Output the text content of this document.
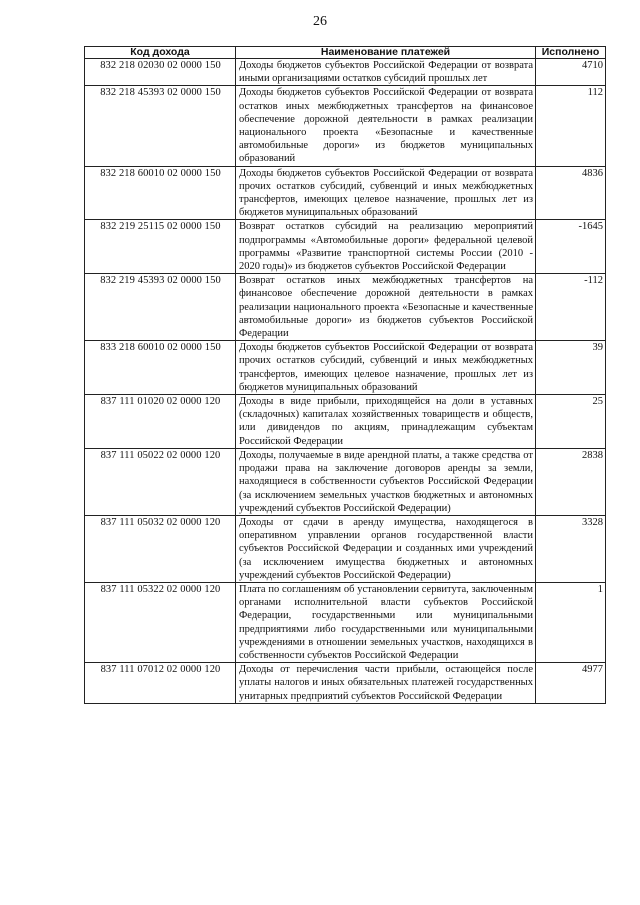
26
Код дохода	Наименование платежей	Исполнено
832 218 02030 02 0000 150	Доходы бюджетов субъектов Российской Федерации от возврата иными организациями остатков субсидий прошлых лет	4710
832 218 45393 02 0000 150	Доходы бюджетов субъектов Российской Федерации от возврата остатков иных межбюджетных трансфертов на финансовое обеспечение дорожной деятельности в рамках реализации национального проекта «Безопасные и качественные автомобильные дороги» из бюджетов муниципальных образований	112
832 218 60010 02 0000 150	Доходы бюджетов субъектов Российской Федерации от возврата прочих остатков субсидий, субвенций и иных межбюджетных трансфертов, имеющих целевое назначение, прошлых лет из бюджетов муниципальных образований	4836
832 219 25115 02 0000 150	Возврат остатков субсидий на реализацию мероприятий подпрограммы «Автомобильные дороги» федеральной целевой программы «Развитие транспортной системы России (2010 - 2020 годы)» из бюджетов субъектов Российской Федерации	-1645
832 219 45393 02 0000 150	Возврат остатков иных межбюджетных трансфертов на финансовое обеспечение дорожной деятельности в рамках реализации национального проекта «Безопасные и качественные автомобильные дороги» из бюджетов субъектов Российской Федерации	-112
833 218 60010 02 0000 150	Доходы бюджетов субъектов Российской Федерации от возврата прочих остатков субсидий, субвенций и иных межбюджетных трансфертов, имеющих целевое назначение, прошлых лет из бюджетов муниципальных образований	39
837 111 01020 02 0000 120	Доходы в виде прибыли, приходящейся на доли в уставных (складочных) капиталах хозяйственных товариществ и обществ, или дивидендов по акциям, принадлежащим субъектам Российской Федерации	25
837 111 05022 02 0000 120	Доходы, получаемые в виде арендной платы, а также средства от продажи права на заключение договоров аренды за земли, находящиеся в собственности субъектов Российской Федерации (за исключением земельных участков бюджетных и автономных учреждений субъектов Российской Федерации)	2838
837 111 05032 02 0000 120	Доходы от сдачи в аренду имущества, находящегося в оперативном управлении органов государственной власти субъектов Российской Федерации и созданных ими учреждений (за исключением имущества бюджетных и автономных учреждений субъектов Российской Федерации)	3328
837 111 05322 02 0000 120	Плата по соглашениям об установлении сервитута, заключенным органами исполнительной власти субъектов Российской Федерации, государственными или муниципальными предприятиями либо государственными или муниципальными учреждениями в отношении земельных участков, находящихся в собственности субъектов Российской Федерации	1
837 111 07012 02 0000 120	Доходы от перечисления части прибыли, остающейся после уплаты налогов и иных обязательных платежей государственных унитарных предприятий субъектов Российской Федерации	4977
